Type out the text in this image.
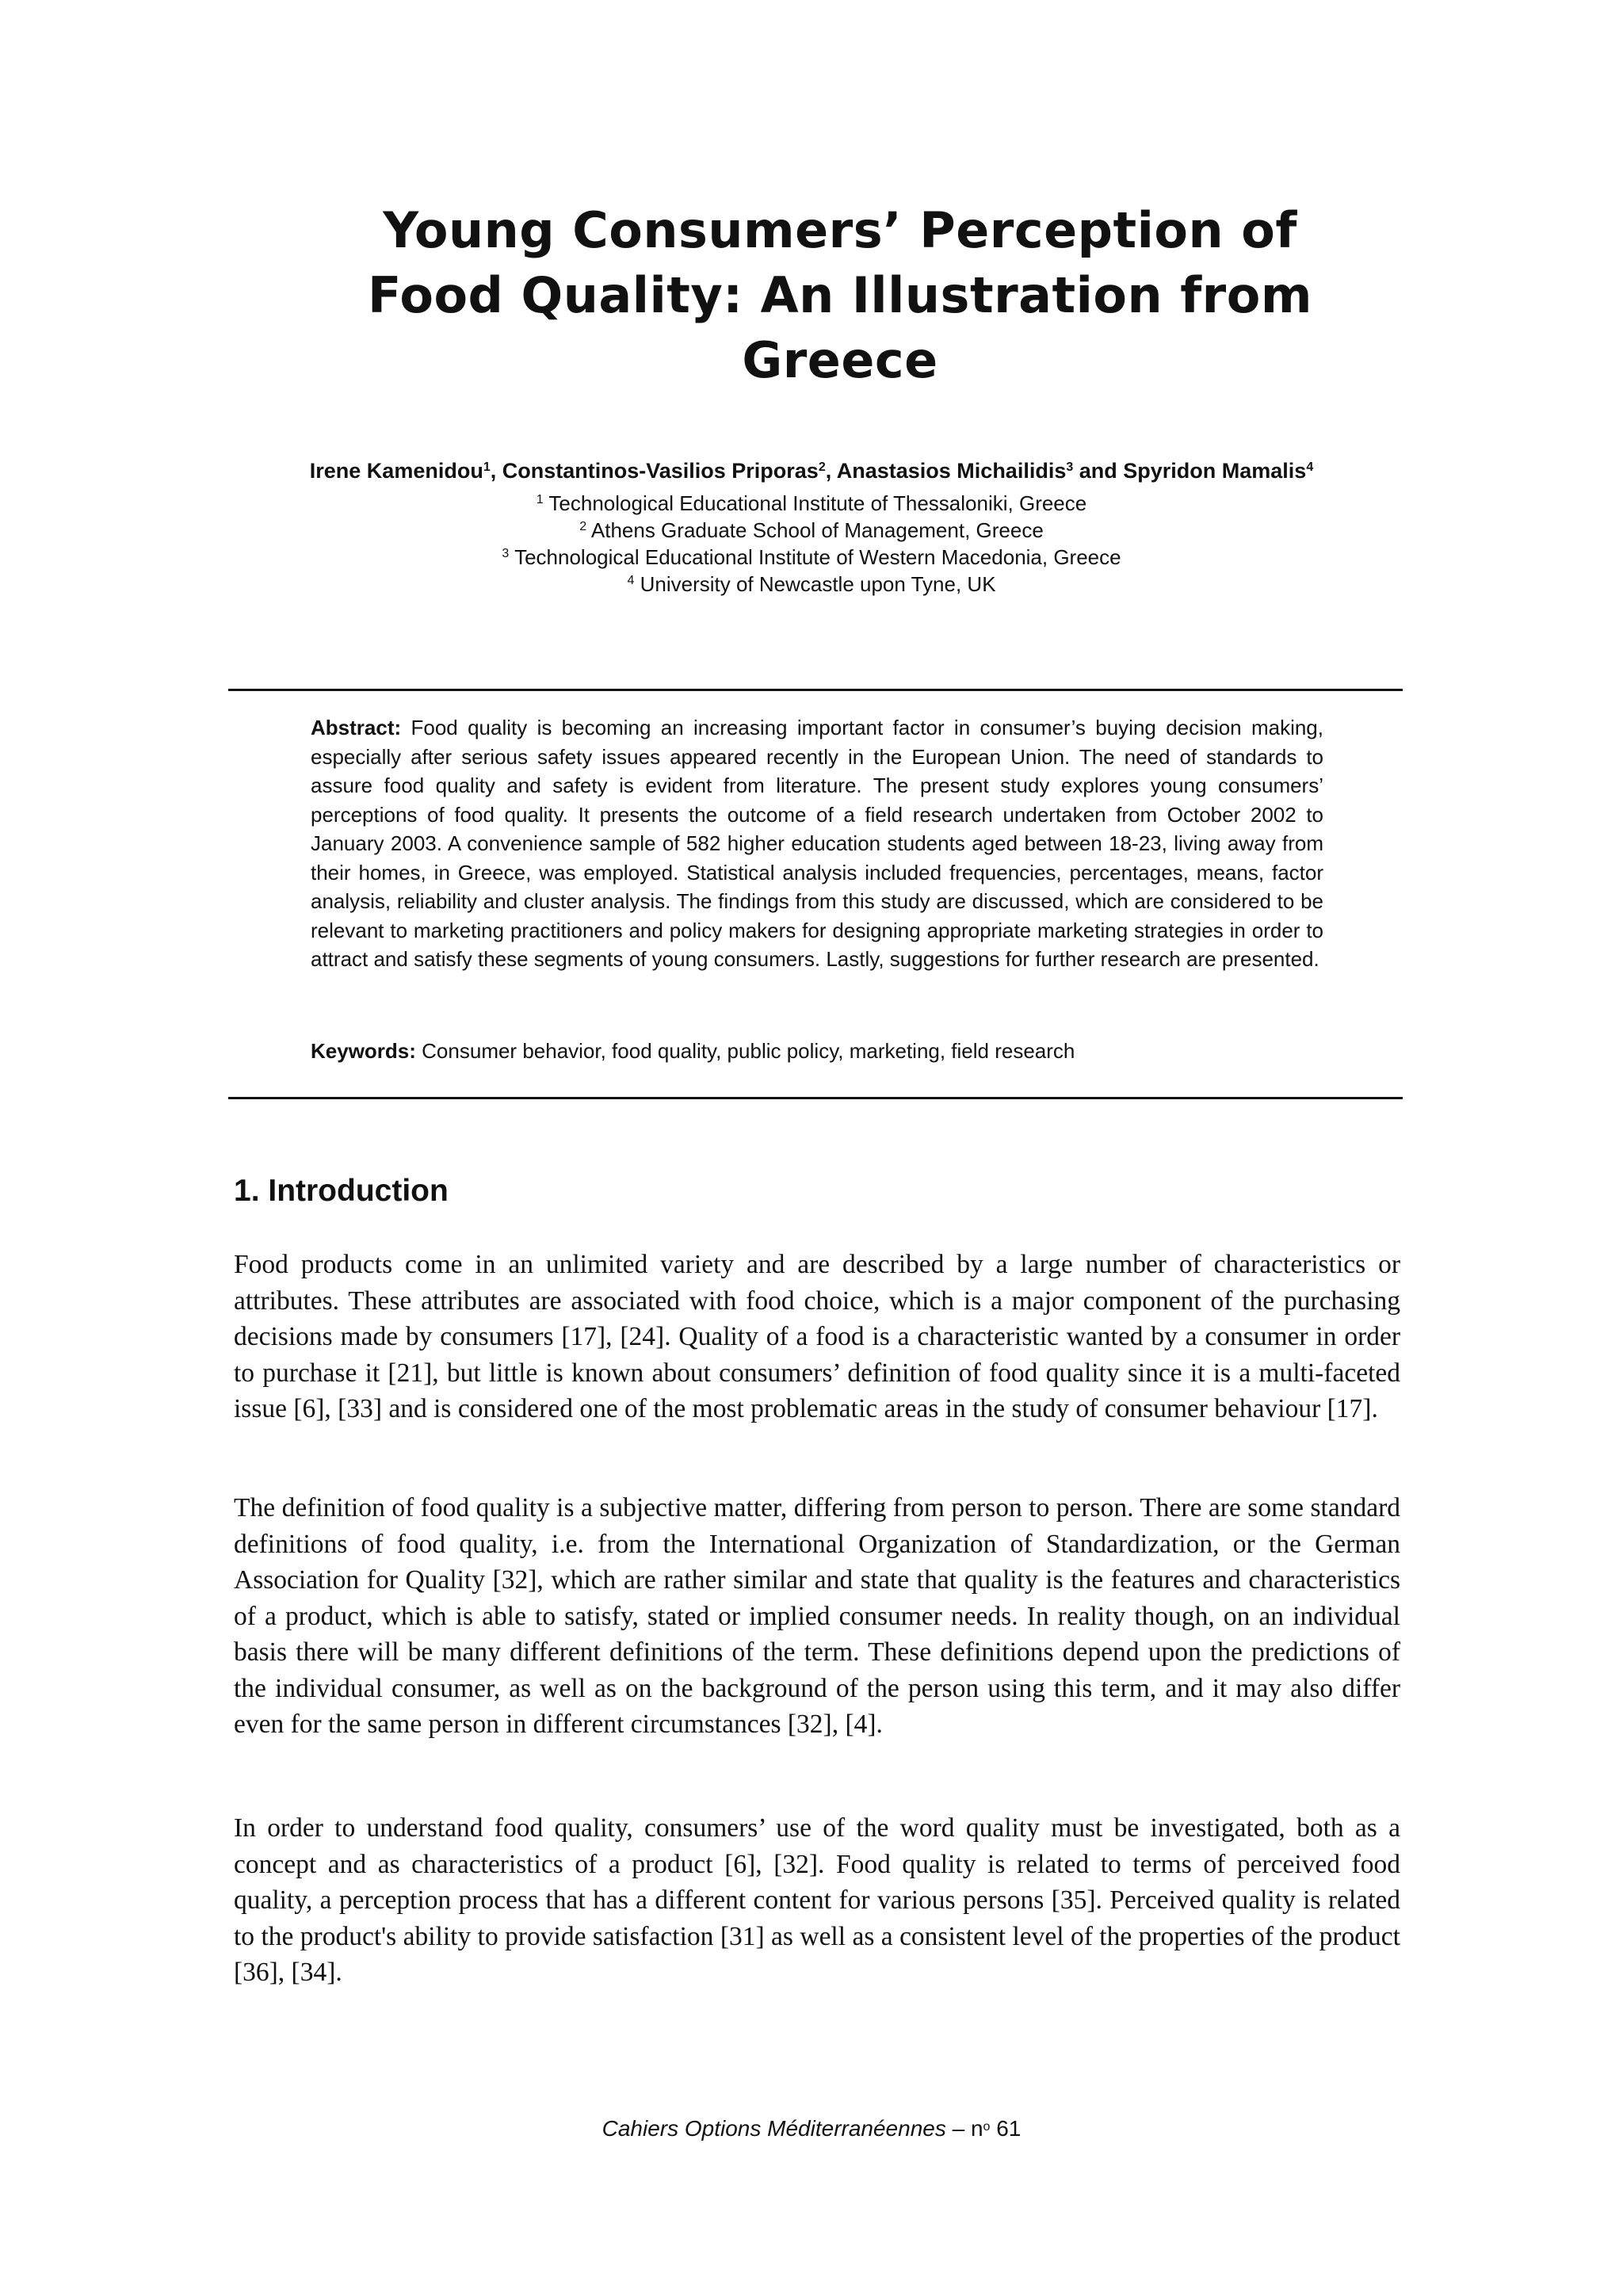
Young Consumers’ Perception of
Food Quality: An Illustration from
Greece
Irene Kamenidou$^1$, Constantinos-Vasilios Priporas$^2$, Anastasios Michailidis$^3$ and Spyridon Mamalis$^4$
$^1$ Technological Educational Institute of Thessaloniki, Greece
$^2$ Athens Graduate School of Management, Greece
$^3$ Technological Educational Institute of Western Macedonia, Greece
$^4$ University of Newcastle upon Tyne, UK

Abstract: Food quality is becoming an increasing important factor in consumer’s buying decision making, especially after serious safety issues appeared recently in the European Union. The need of standards to assure food quality and safety is evident from literature. The present study explores young consumers’ perceptions of food quality. It presents the outcome of a field research undertaken from October 2002 to January 2003. A convenience sample of 582 higher education students aged between 18-23, living away from their homes, in Greece, was employed. Statistical analysis included frequencies, percentages, means, factor analysis, reliability and cluster analysis. The findings from this study are discussed, which are considered to be relevant to marketing practitioners and policy makers for designing appropriate marketing strategies in order to attract and satisfy these segments of young consumers. Lastly, suggestions for further research are presented.

Keywords: Consumer behavior, food quality, public policy, marketing, field research

1. Introduction

Food products come in an unlimited variety and are described by a large number of characteristics or attributes. These attributes are associated with food choice, which is a major component of the purchasing decisions made by consumers [17], [24]. Quality of a food is a characteristic wanted by a consumer in order to purchase it [21], but little is known about consumers’ definition of food quality since it is a multi-faceted issue [6], [33] and is considered one of the most problematic areas in the study of consumer behaviour [17].

The definition of food quality is a subjective matter, differing from person to person. There are some standard definitions of food quality, i.e. from the International Organization of Standardization, or the German Association for Quality [32], which are rather similar and state that quality is the features and characteristics of a product, which is able to satisfy, stated or implied consumer needs. In reality though, on an individual basis there will be many different definitions of the term. These definitions depend upon the predictions of the individual consumer, as well as on the background of the person using this term, and it may also differ even for the same person in different circumstances [32], [4].

In order to understand food quality, consumers’ use of the word quality must be investigated, both as a concept and as characteristics of a product [6], [32]. Food quality is related to terms of perceived food quality, a perception process that has a different content for various persons [35]. Perceived quality is related to the product's ability to provide satisfaction [31] as well as a consistent level of the properties of the product [36], [34].

Cahiers Options Méditerranéennes – $n^o$ 61
